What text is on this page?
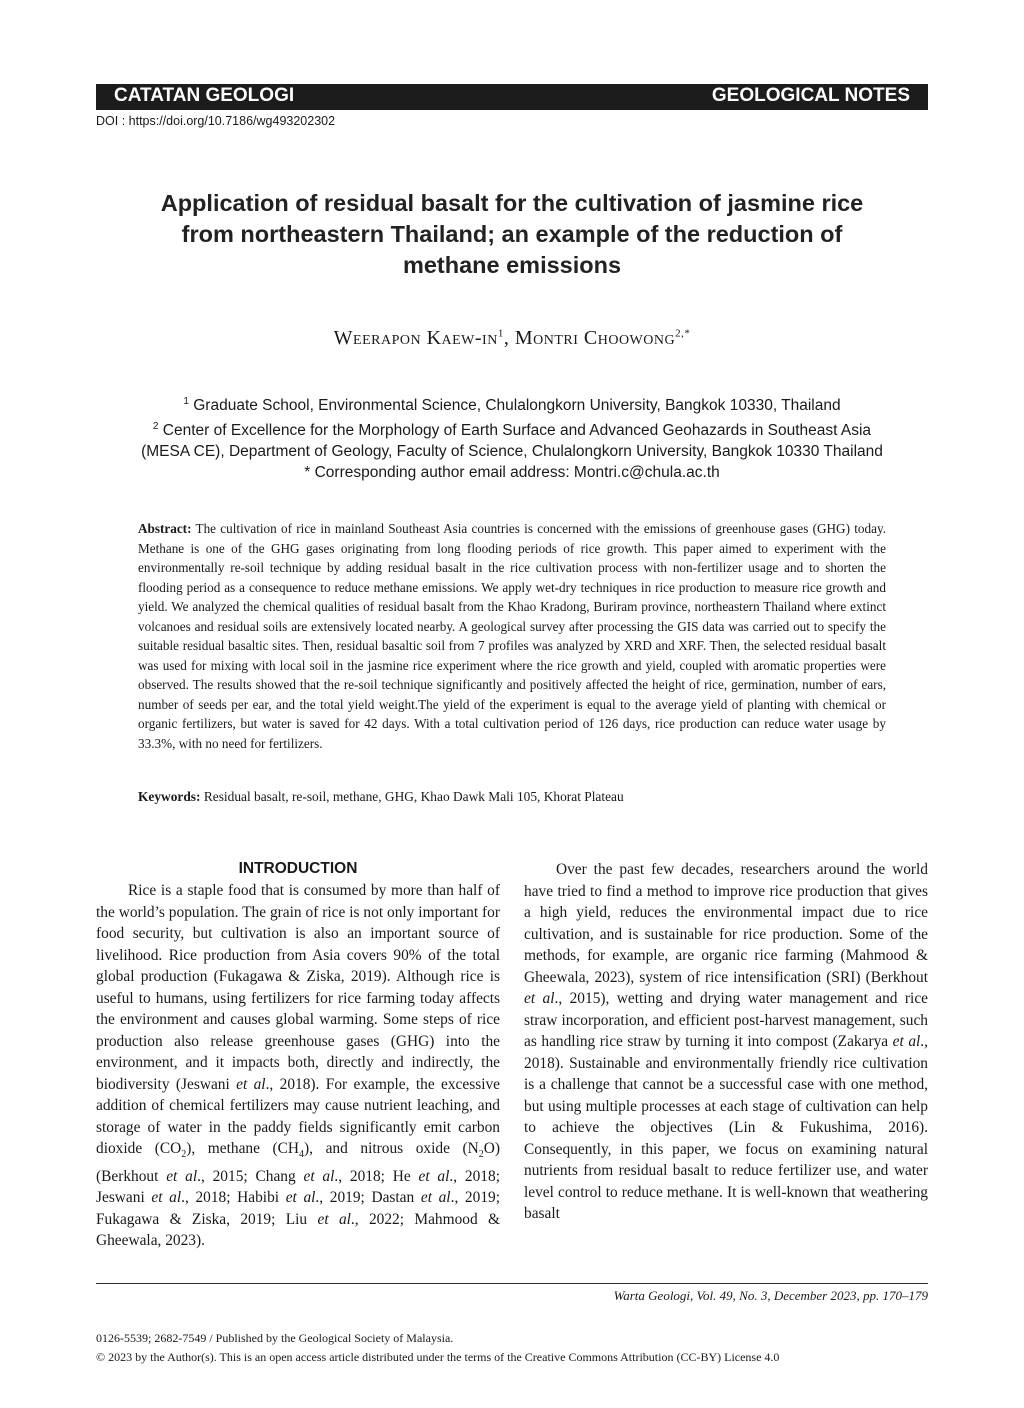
CATATAN GEOLOGI	GEOLOGICAL NOTES
DOI : https://doi.org/10.7186/wg493202302
Application of residual basalt for the cultivation of jasmine rice
from northeastern Thailand; an example of the reduction of
methane emissions
Weerapon Kaew-$in^1$, Montri Choowong$^{2,*}$
$^1$ Graduate School, Environmental Science, Chulalongkorn University, Bangkok 10330, Thailand
$^2$ Center of Excellence for the Morphology of Earth Surface and Advanced Geohazards in Southeast Asia
(MESA CE), Department of Geology, Faculty of Science, Chulalongkorn University, Bangkok 10330 Thailand
* Corresponding author email address: Montri.c@chula.ac.th
Abstract: The cultivation of rice in mainland Southeast Asia countries is concerned with the emissions of greenhouse gases (GHG) today. Methane is one of the GHG gases originating from long flooding periods of rice growth. This paper aimed to experiment with the environmentally re-soil technique by adding residual basalt in the rice cultivation process with non-fertilizer usage and to shorten the flooding period as a consequence to reduce methane emissions. We apply wet-dry techniques in rice production to measure rice growth and yield. We analyzed the chemical qualities of residual basalt from the Khao Kradong, Buriram province, northeastern Thailand where extinct volcanoes and residual soils are extensively located nearby. A geological survey after processing the GIS data was carried out to specify the suitable residual basaltic sites. Then, residual basaltic soil from 7 profiles was analyzed by XRD and XRF. Then, the selected residual basalt was used for mixing with local soil in the jasmine rice experiment where the rice growth and yield, coupled with aromatic properties were observed. The results showed that the re-soil technique significantly and positively affected the height of rice, germination, number of ears, number of seeds per ear, and the total yield weight.The yield of the experiment is equal to the average yield of planting with chemical or organic fertilizers, but water is saved for 42 days. With a total cultivation period of 126 days, rice production can reduce water usage by 33.3%, with no need for fertilizers.
Keywords: Residual basalt, re-soil, methane, GHG, Khao Dawk Mali 105, Khorat Plateau
INTRODUCTION

Rice is a staple food that is consumed by more than half of the world’s population. The grain of rice is not only important for food security, but cultivation is also an important source of livelihood. Rice production from Asia covers 90% of the total global production (Fukagawa & Ziska, 2019). Although rice is useful to humans, using fertilizers for rice farming today affects the environment and causes global warming. Some steps of rice production also release greenhouse gases (GHG) into the environment, and it impacts both, directly and indirectly, the biodiversity (Jeswani et al., 2018). For example, the excessive addition of chemical fertilizers may cause nutrient leaching, and storage of water in the paddy fields significantly emit carbon dioxide $(CO_2)$, methane $(CH_4)$, and nitrous oxide $(N_2O)$ (Berkhout et al., 2015; Chang et al., 2018; He et al., 2018; Jeswani et al., 2018; Habibi et al., 2019; Dastan et al., 2019; Fukagawa & Ziska, 2019; Liu et al., 2022; Mahmood & Gheewala, 2023).

Over the past few decades, researchers around the world have tried to find a method to improve rice production that gives a high yield, reduces the environmental impact due to rice cultivation, and is sustainable for rice production. Some of the methods, for example, are organic rice farming (Mahmood & Gheewala, 2023), system of rice intensification (SRI) (Berkhout et al., 2015), wetting and drying water management and rice straw incorporation, and efficient post-harvest management, such as handling rice straw by turning it into compost (Zakarya et al., 2018). Sustainable and environmentally friendly rice cultivation is a challenge that cannot be a successful case with one method, but using multiple processes at each stage of cultivation can help to achieve the objectives (Lin & Fukushima, 2016). Consequently, in this paper, we focus on examining natural nutrients from residual basalt to reduce fertilizer use, and water level control to reduce methane. It is well-known that weathering basalt

Warta Geologi, Vol. 49, No. 3, December 2023, pp. 170–179
0126-5539; 2682-7549 / Published by the Geological Society of Malaysia.
© 2023 by the Author(s). This is an open access article distributed under the terms of the Creative Commons Attribution (CC-BY) License 4.0
